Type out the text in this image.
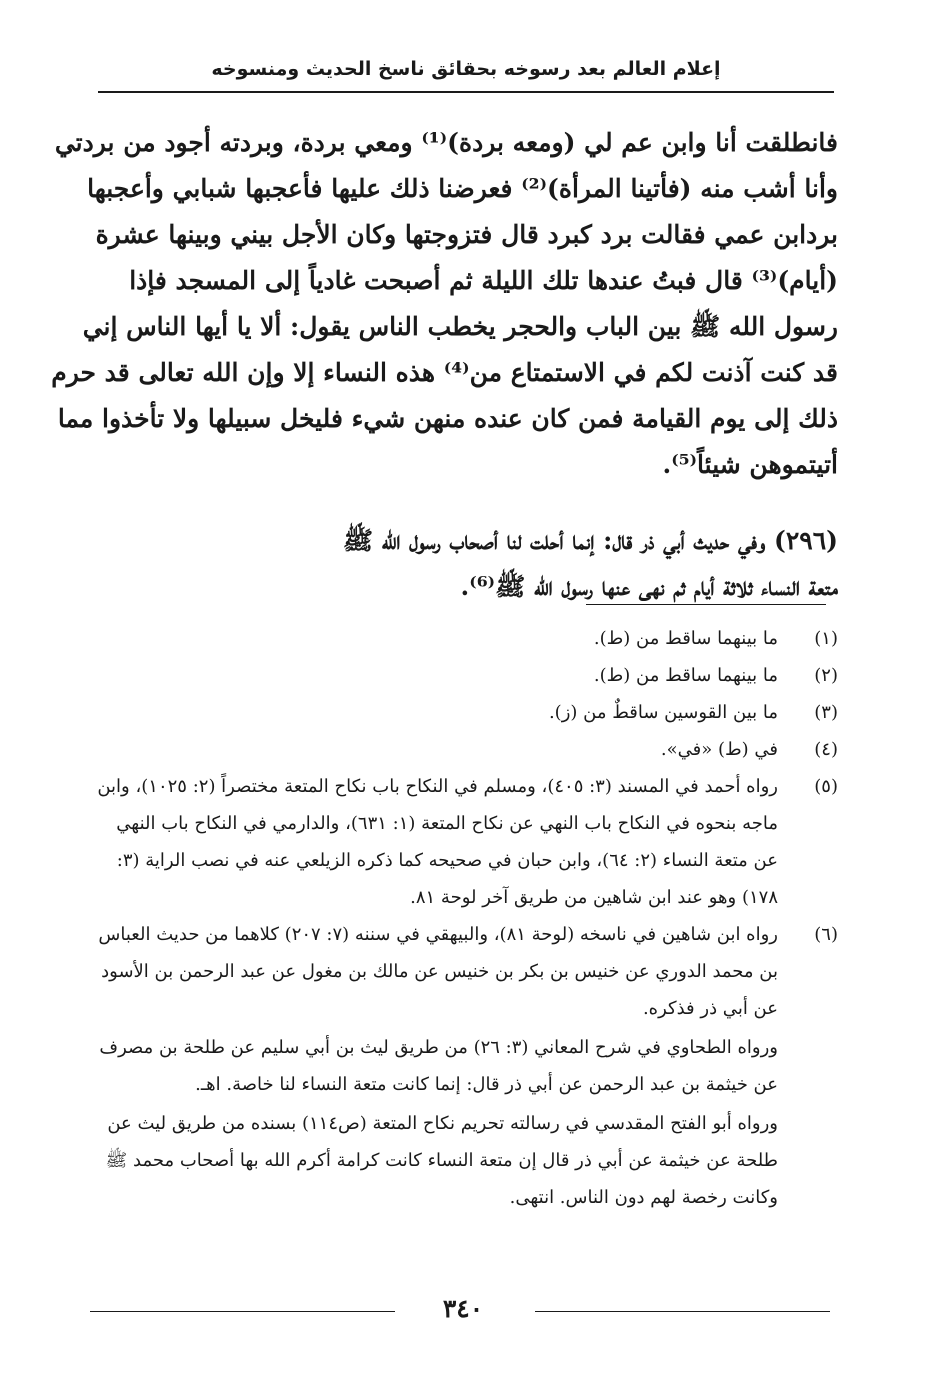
إعلام العالم بعد رسوخه بحقائق ناسخ الحديث ومنسوخه

فانطلقت أنا وابن عم لي (ومعه بردة)⁽¹⁾ ومعي بردة، وبردته أجود من بردتي
وأنا أشب منه (فأتينا المرأة)⁽²⁾ فعرضنا ذلك عليها فأعجبها شبابي وأعجبها
بردابن عمي فقالت برد كبرد قال فتزوجتها وكان الأجل بيني وبينها عشرة
(أيام)⁽³⁾ قال فبتُ عندها تلك الليلة ثم أصبحت غادياً إلى المسجد فإذا
رسول الله ﷺ بين الباب والحجر يخطب الناس يقول: ألا يا أيها الناس إني
قد كنت آذنت لكم في الاستمتاع من⁽⁴⁾ هذه النساء إلا وإن الله تعالى قد حرم
ذلك إلى يوم القيامة فمن كان عنده منهن شيء فليخل سبيلها ولا تأخذوا مما
أتيتموهن شيئاً⁽⁵⁾.

(٢٩٦) وفي حديث أبي ذر قال: إنما أحلت لنا أصحاب رسول الله ﷺ
متعة النساء ثلاثة أيام ثم نهى عنها رسول الله ﷺ⁽⁶⁾.

(١)
ما بينهما ساقط من (ط).
(٢)
ما بينهما ساقط من (ط).
(٣)
ما بين القوسين ساقطٌ من (ز).
(٤)
في (ط) «في».
(٥)
رواه أحمد في المسند (٣: ٤٠٥)، ومسلم في النكاح باب نكاح المتعة مختصراً (٢: ١٠٢٥)، وابن ماجه بنحوه في النكاح باب النهي عن نكاح المتعة (١: ٦٣١)، والدارمي في النكاح باب النهي عن متعة النساء (٢: ٦٤)، وابن حبان في صحيحه كما ذكره الزيلعي عنه في نصب الراية (٣: ١٧٨) وهو عند ابن شاهين من طريق آخر لوحة ٨١.
(٦)
رواه ابن شاهين في ناسخه (لوحة ٨١)، والبيهقي في سننه (٧: ٢٠٧) كلاهما من حديث العباس بن محمد الدوري عن خنيس بن بكر بن خنيس عن مالك بن مغول عن عبد الرحمن بن الأسود عن أبي ذر فذكره.
ورواه الطحاوي في شرح المعاني (٣: ٢٦) من طريق ليث بن أبي سليم عن طلحة بن مصرف عن خيثمة بن عبد الرحمن عن أبي ذر قال: إنما كانت متعة النساء لنا خاصة. اهـ.
ورواه أبو الفتح المقدسي في رسالته تحريم نكاح المتعة (ص١١٤) بسنده من طريق ليث عن طلحة عن خيثمة عن أبي ذر قال إن متعة النساء كانت كرامة أكرم الله بها أصحاب محمد ﷺ وكانت رخصة لهم دون الناس. انتهى.
٣٤٠
